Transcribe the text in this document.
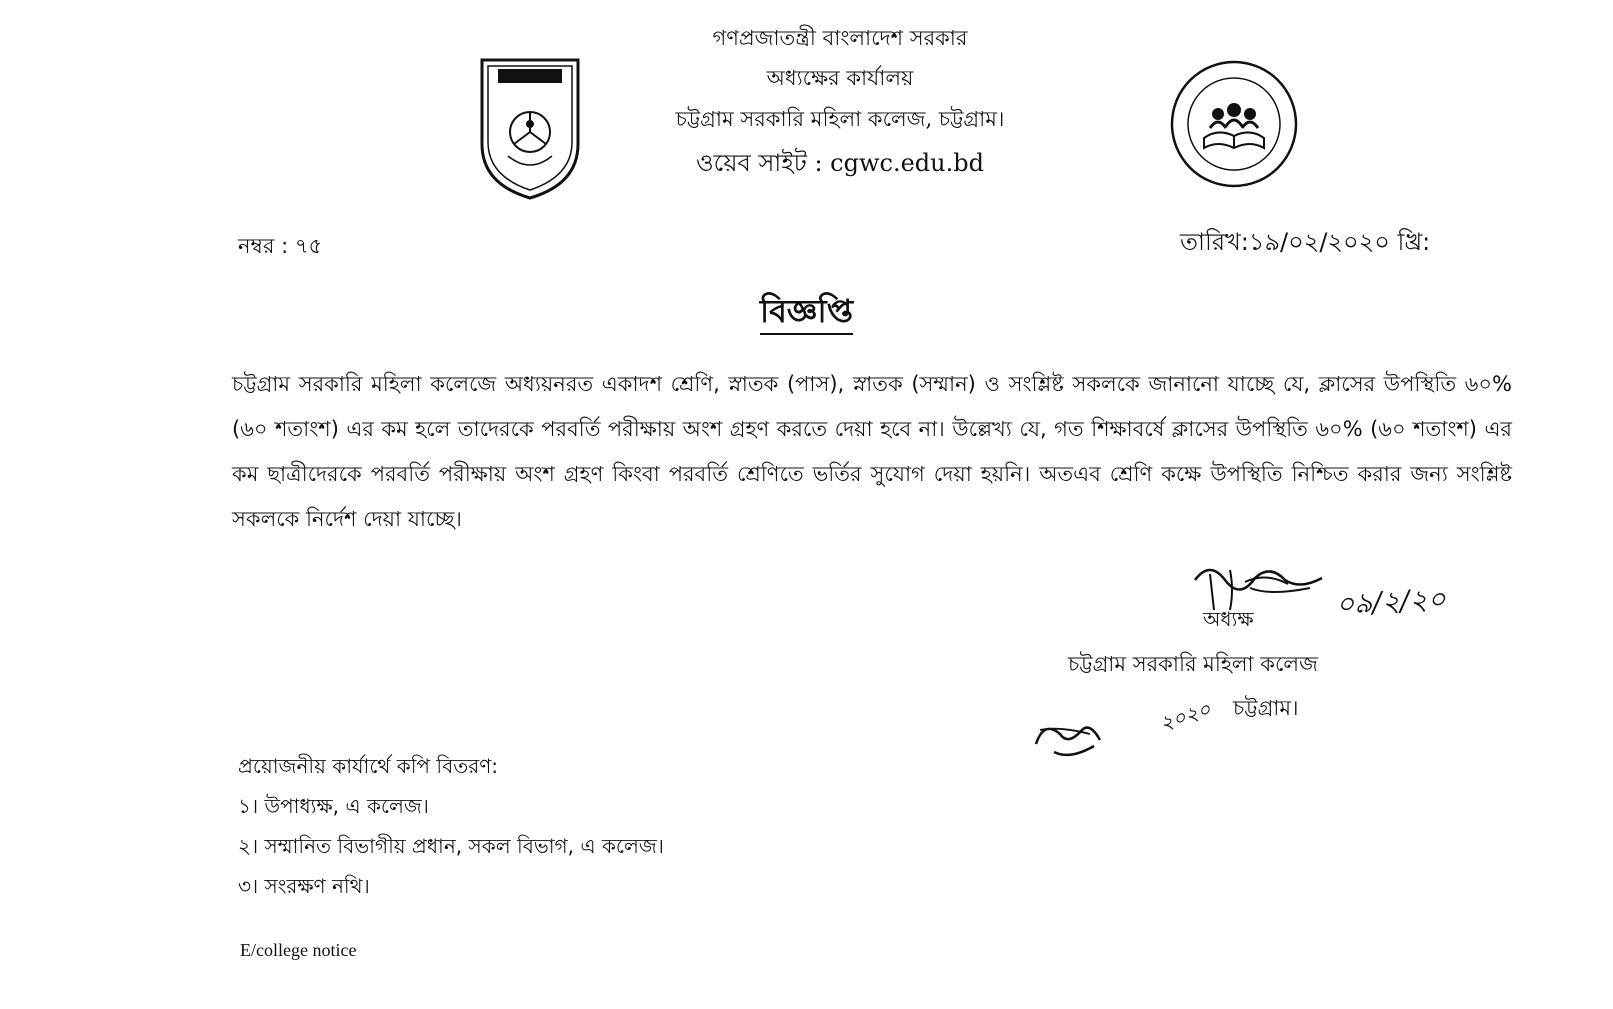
গণপ্রজাতন্ত্রী বাংলাদেশ সরকার
অধ্যক্ষের কার্যালয়
চট্টগ্রাম সরকারি মহিলা কলেজ, চট্টগ্রাম।
ওয়েব সাইট : cgwc.edu.bd
নম্বর : ৭৫	তারিখ:১৯/০২/২০২০ খ্রি:
বিজ্ঞপ্তি
চট্টগ্রাম সরকারি মহিলা কলেজে অধ্যয়নরত একাদশ শ্রেণি, স্নাতক (পাস), স্নাতক (সম্মান) ও সংশ্লিষ্ট সকলকে জানানো যাচ্ছে যে, ক্লাসের উপস্থিতি ৬০% (৬০ শতাংশ) এর কম হলে তাদেরকে পরবর্তি পরীক্ষায় অংশ গ্রহণ করতে দেয়া হবে না। উল্লেখ্য যে, গত শিক্ষাবর্ষে ক্লাসের উপস্থিতি ৬০% (৬০ শতাংশ) এর কম ছাত্রীদেরকে পরবর্তি পরীক্ষায় অংশ গ্রহণ কিংবা পরবর্তি শ্রেণিতে ভর্তির সুযোগ দেয়া হয়নি। অতএব শ্রেণি কক্ষে উপস্থিতি নিশ্চিত করার জন্য সংশ্লিষ্ট সকলকে নির্দেশ দেয়া যাচ্ছে।
০৯/২/২০
অধ্যক্ষ
চট্টগ্রাম সরকারি মহিলা কলেজ
চট্টগ্রাম।
২০২০
প্রয়োজনীয় কার্যার্থে কপি বিতরণ:
১। উপাধ্যক্ষ, এ কলেজ।
২। সম্মানিত বিভাগীয় প্রধান, সকল বিভাগ, এ কলেজ।
৩। সংরক্ষণ নথি।
E/college notice
